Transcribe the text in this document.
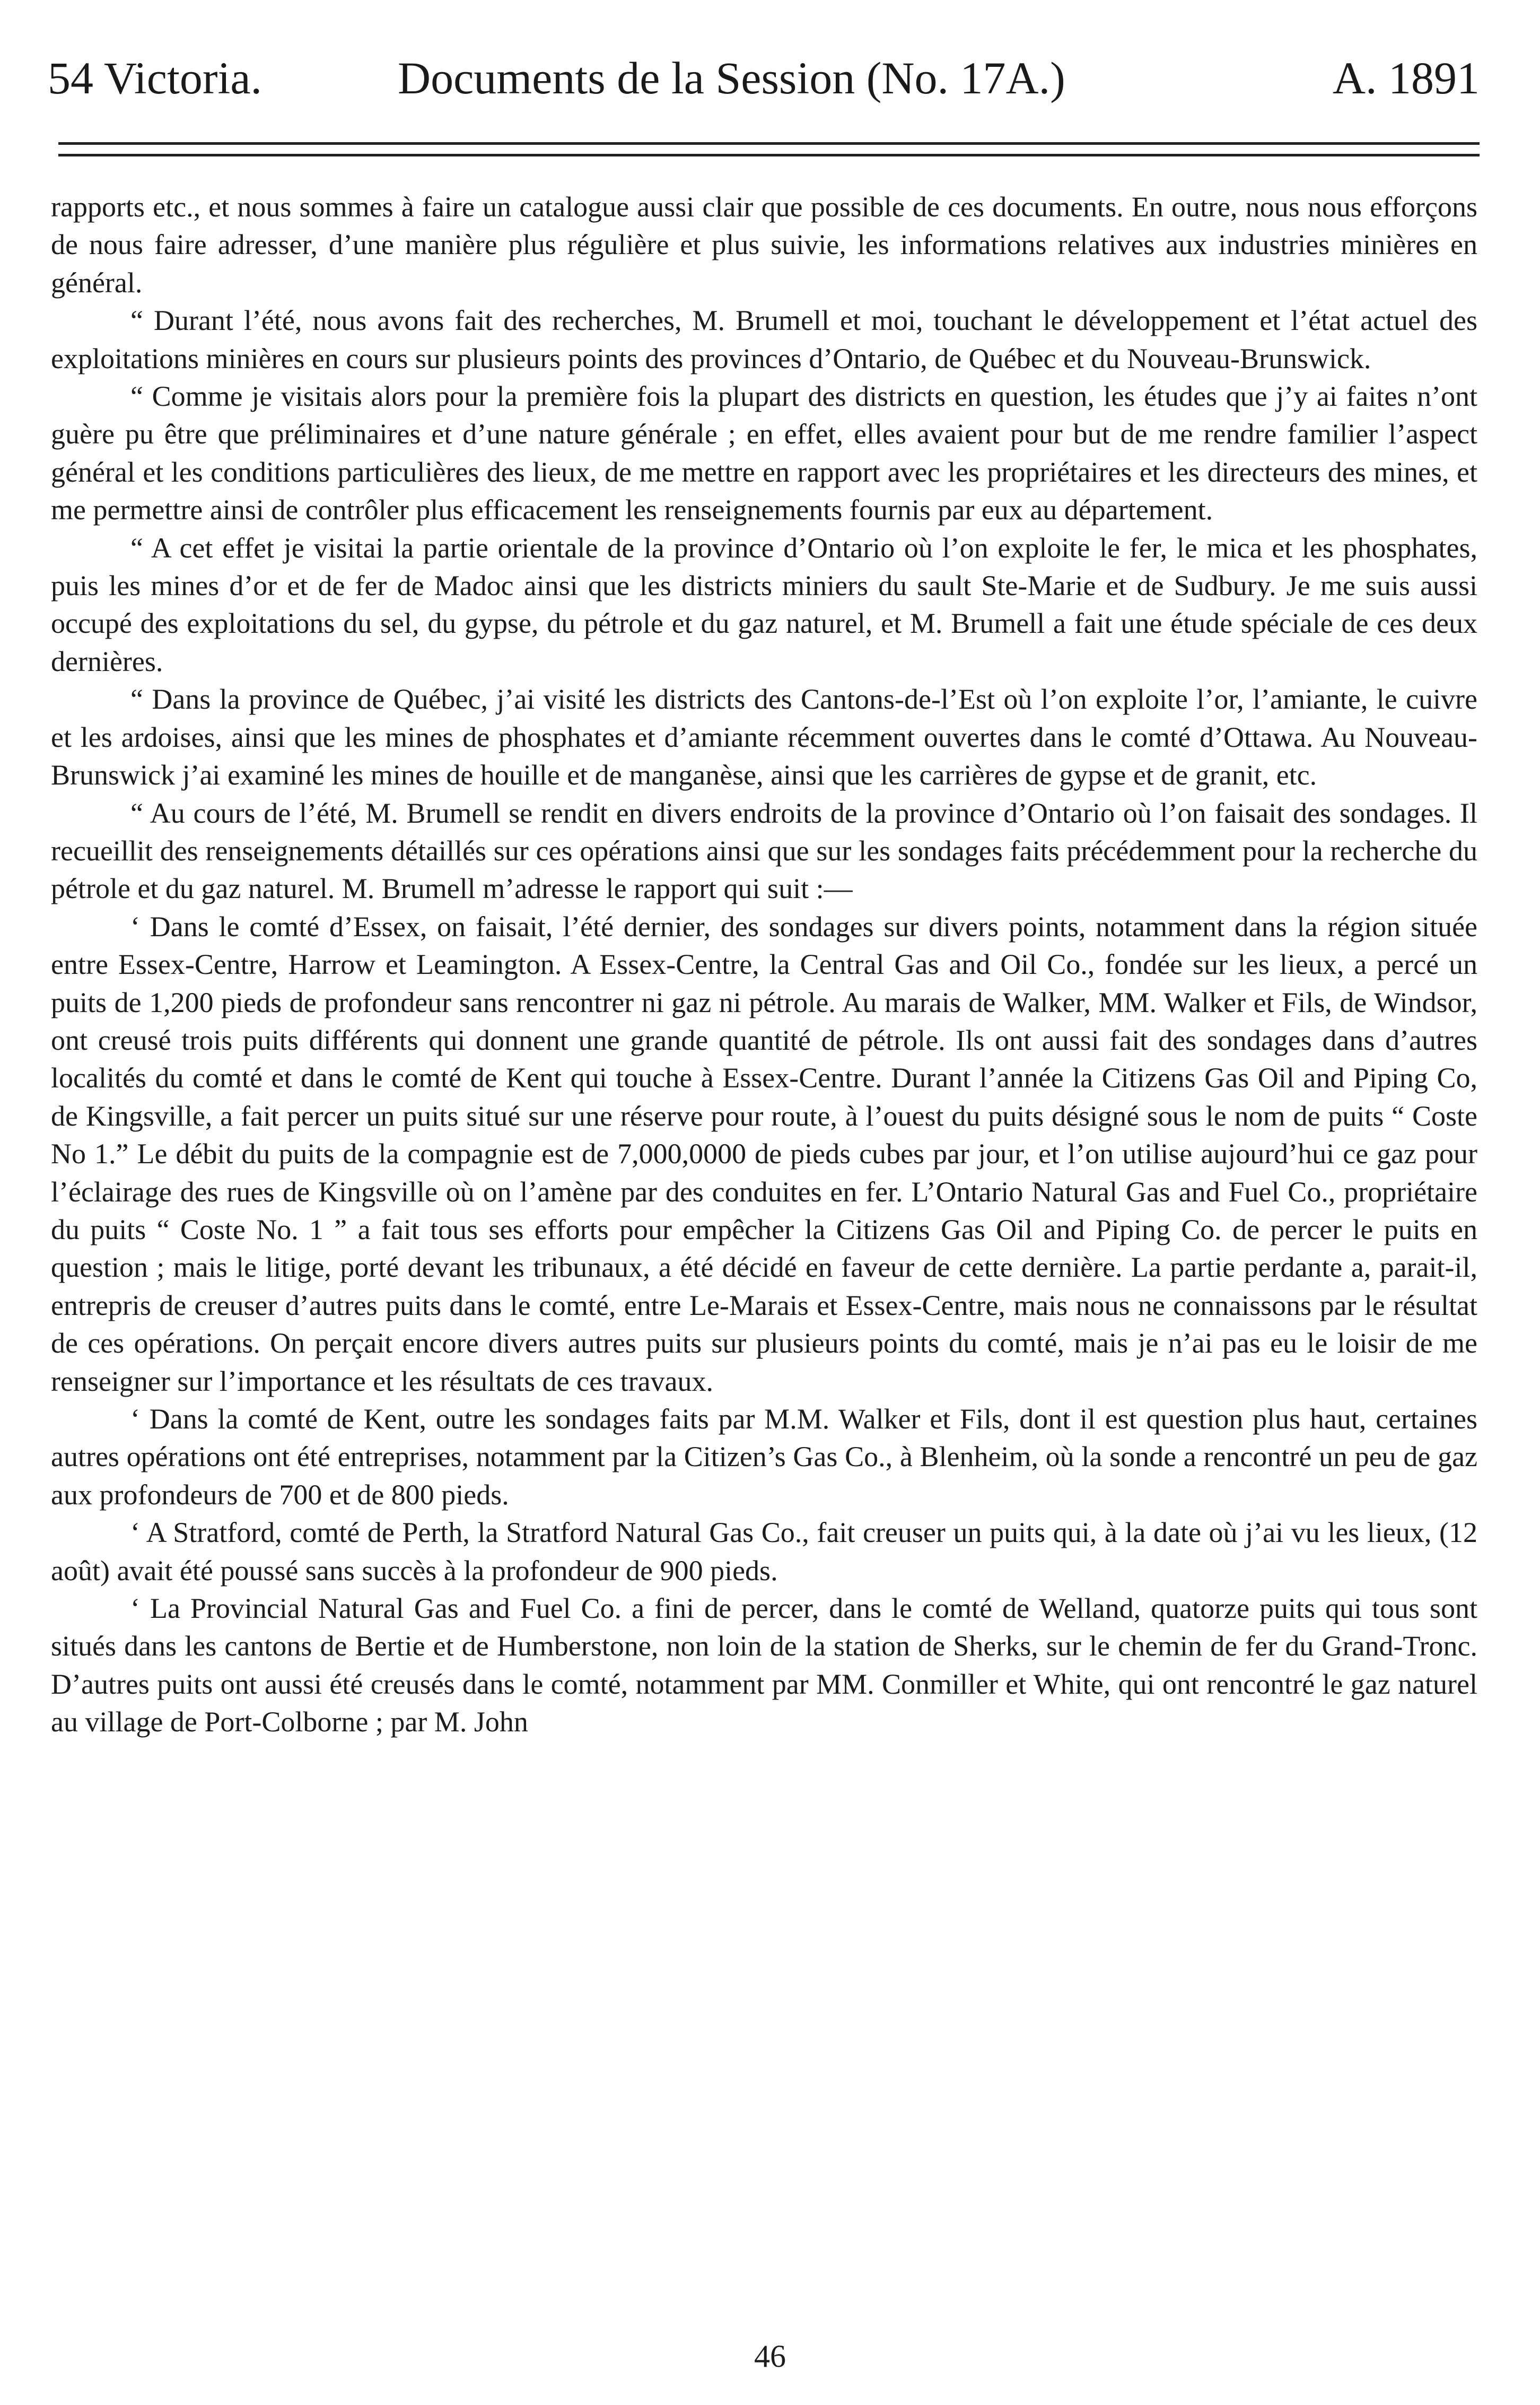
54 Victoria.	Documents de la Session (No. 17A.)	A. 1891

rapports etc., et nous sommes à faire un catalogue aussi clair que possible de ces documents. En outre, nous nous efforçons de nous faire adresser, d’une manière plus régulière et plus suivie, les informations relatives aux industries minières en général.

“ Durant l’été, nous avons fait des recherches, M. Brumell et moi, touchant le développement et l’état actuel des exploitations minières en cours sur plusieurs points des provinces d’Ontario, de Québec et du Nouveau-Brunswick.

“ Comme je visitais alors pour la première fois la plupart des districts en question, les études que j’y ai faites n’ont guère pu être que préliminaires et d’une nature générale ; en effet, elles avaient pour but de me rendre familier l’aspect général et les conditions particulières des lieux, de me mettre en rapport avec les propriétaires et les directeurs des mines, et me permettre ainsi de contrôler plus efficacement les renseignements fournis par eux au département.

“ A cet effet je visitai la partie orientale de la province d’Ontario où l’on exploite le fer, le mica et les phosphates, puis les mines d’or et de fer de Madoc ainsi que les districts miniers du sault Ste-Marie et de Sudbury. Je me suis aussi occupé des exploitations du sel, du gypse, du pétrole et du gaz naturel, et M. Brumell a fait une étude spéciale de ces deux dernières.

“ Dans la province de Québec, j’ai visité les districts des Cantons-de-l’Est où l’on exploite l’or, l’amiante, le cuivre et les ardoises, ainsi que les mines de phosphates et d’amiante récemment ouvertes dans le comté d’Ottawa. Au Nouveau-Brunswick j’ai examiné les mines de houille et de manganèse, ainsi que les carrières de gypse et de granit, etc.

“ Au cours de l’été, M. Brumell se rendit en divers endroits de la province d’Ontario où l’on faisait des sondages. Il recueillit des renseignements détaillés sur ces opérations ainsi que sur les sondages faits précédemment pour la recherche du pétrole et du gaz naturel. M. Brumell m’adresse le rapport qui suit :—

‘ Dans le comté d’Essex, on faisait, l’été dernier, des sondages sur divers points, notamment dans la région située entre Essex-Centre, Harrow et Leamington. A Essex-Centre, la Central Gas and Oil Co., fondée sur les lieux, a percé un puits de 1,200 pieds de profondeur sans rencontrer ni gaz ni pétrole. Au marais de Walker, MM. Walker et Fils, de Windsor, ont creusé trois puits différents qui donnent une grande quantité de pétrole. Ils ont aussi fait des sondages dans d’autres localités du comté et dans le comté de Kent qui touche à Essex-Centre. Durant l’année la Citizens Gas Oil and Piping Co, de Kingsville, a fait percer un puits situé sur une réserve pour route, à l’ouest du puits désigné sous le nom de puits “ Coste No 1.” Le débit du puits de la compagnie est de 7,000,0000 de pieds cubes par jour, et l’on utilise aujourd’hui ce gaz pour l’éclairage des rues de Kingsville où on l’amène par des conduites en fer. L’Ontario Natural Gas and Fuel Co., propriétaire du puits “ Coste No. 1 ” a fait tous ses efforts pour empêcher la Citizens Gas Oil and Piping Co. de percer le puits en question ; mais le litige, porté devant les tribunaux, a été décidé en faveur de cette dernière. La partie perdante a, parait-il, entrepris de creuser d’autres puits dans le comté, entre Le-Marais et Essex-Centre, mais nous ne connaissons par le résultat de ces opérations. On perçait encore divers autres puits sur plusieurs points du comté, mais je n’ai pas eu le loisir de me renseigner sur l’importance et les résultats de ces travaux.

‘ Dans la comté de Kent, outre les sondages faits par M.M. Walker et Fils, dont il est question plus haut, certaines autres opérations ont été entreprises, notamment par la Citizen’s Gas Co., à Blenheim, où la sonde a rencontré un peu de gaz aux profondeurs de 700 et de 800 pieds.

‘ A Stratford, comté de Perth, la Stratford Natural Gas Co., fait creuser un puits qui, à la date où j’ai vu les lieux, (12 août) avait été poussé sans succès à la profondeur de 900 pieds.

‘ La Provincial Natural Gas and Fuel Co. a fini de percer, dans le comté de Welland, quatorze puits qui tous sont situés dans les cantons de Bertie et de Humberstone, non loin de la station de Sherks, sur le chemin de fer du Grand-Tronc. D’autres puits ont aussi été creusés dans le comté, notamment par MM. Conmiller et White, qui ont rencontré le gaz naturel au village de Port-Colborne ; par M. John

46
